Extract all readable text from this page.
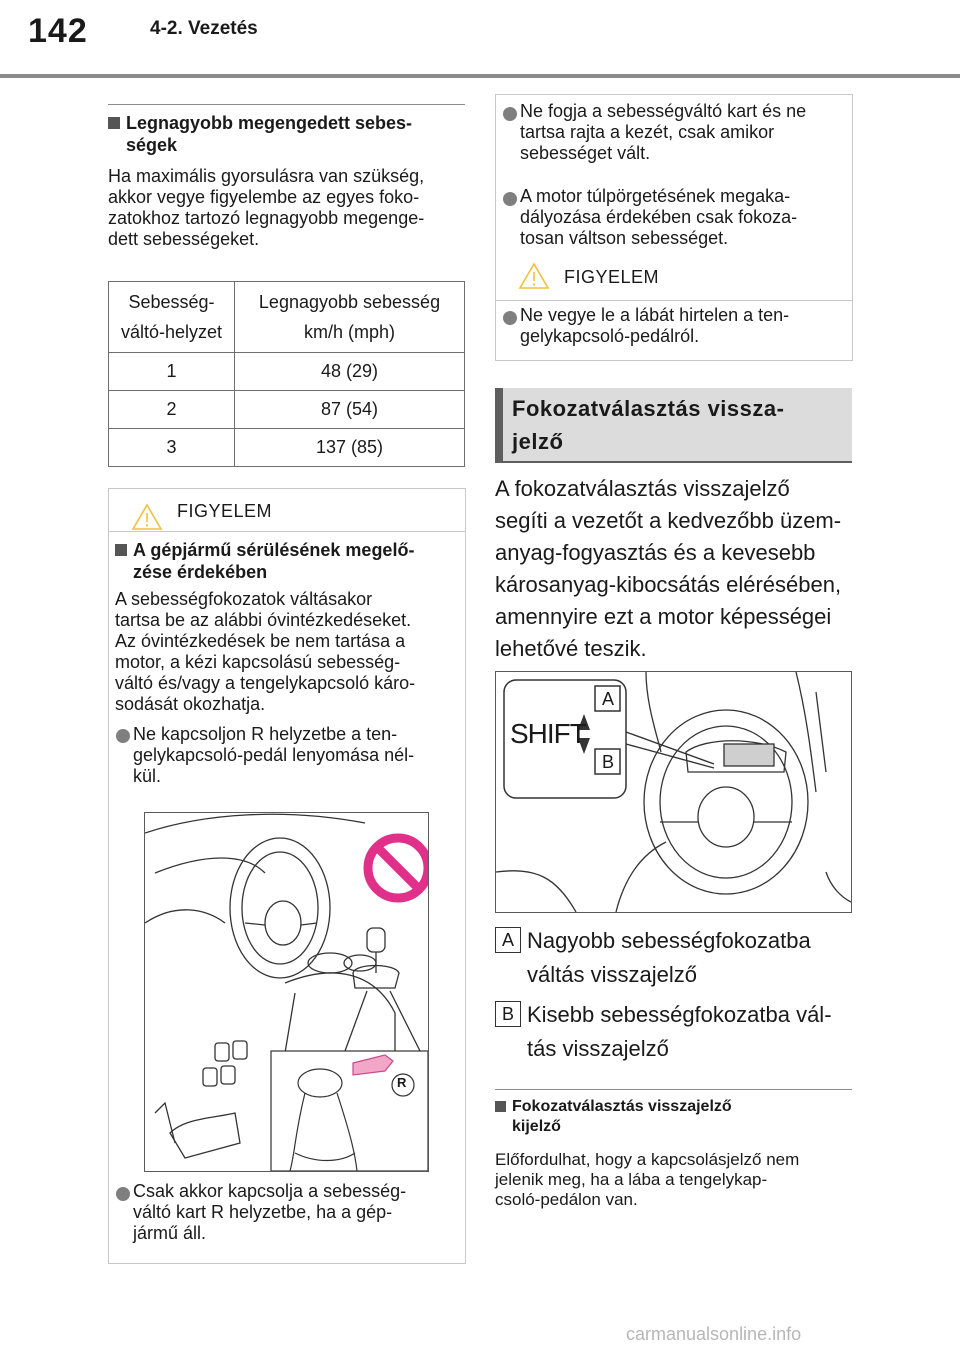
142	4-2. Vezetés
Legnagyobb megengedett sebes-
ségek
Ha maximális gyorsulásra van szükség,
akkor vegye figyelembe az egyes foko-
zatokhoz tartozó legnagyobb megenge-
dett sebességeket.
Sebesség-
váltó-helyzet	Legnagyobb sebesség
km/h (mph)
1	48 (29)
2	87 (54)
3	137 (85)
FIGYELEM
A gépjármű sérülésének megelő-
zése érdekében
A sebességfokozatok váltásakor
tartsa be az alábbi óvintézkedéseket.
Az óvintézkedések be nem tartása a
motor, a kézi kapcsolású sebesség-
váltó és/vagy a tengelykapcsoló káro-
sodását okozhatja.
Ne kapcsoljon R helyzetbe a ten-
gelykapcsoló-pedál lenyomása nél-
kül.
R
Csak akkor kapcsolja a sebesség-
váltó kart R helyzetbe, ha a gép-
jármű áll.
Ne fogja a sebességváltó kart és ne
tartsa rajta a kezét, csak amikor
sebességet vált.
A motor túlpörgetésének megaka-
dályozása érdekében csak fokoza-
tosan váltson sebességet.
FIGYELEM
Ne vegye le a lábát hirtelen a ten-
gelykapcsoló-pedálról.
Fokozatválasztás vissza-
jelző
A fokozatválasztás visszajelző
segíti a vezetőt a kedvezőbb üzem-
anyag-fogyasztás és a kevesebb
károsanyag-kibocsátás elérésében,
amennyire ezt a motor képességei
lehetővé teszik.
SHIFT
A
B
A Nagyobb sebességfokozatba
váltás visszajelző
B Kisebb sebességfokozatba vál-
tás visszajelző
Fokozatválasztás visszajelző
kijelző
Előfordulhat, hogy a kapcsolásjelző nem
jelenik meg, ha a lába a tengelykap-
csoló-pedálon van.
carmanualsonline.info
